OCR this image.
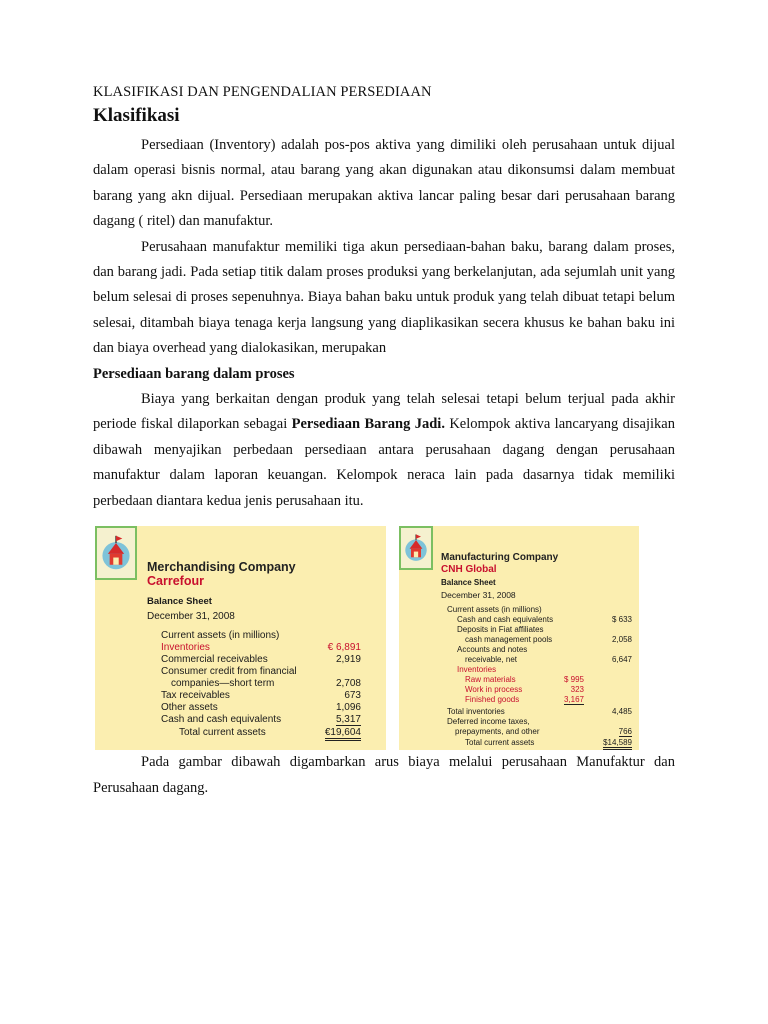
KLASIFIKASI DAN PENGENDALIAN PERSEDIAAN
Klasifikasi

Persediaan (Inventory) adalah pos-pos aktiva yang dimiliki oleh perusahaan untuk dijual dalam operasi bisnis normal, atau barang yang akan digunakan atau dikonsumsi dalam membuat barang yang akn dijual. Persediaan merupakan aktiva lancar paling besar dari perusahaan barang dagang ( ritel) dan manufaktur.

Perusahaan manufaktur memiliki tiga akun persediaan-bahan baku, barang dalam proses, dan barang jadi. Pada setiap titik dalam proses produksi yang berkelanjutan, ada sejumlah unit yang belum selesai di proses sepenuhnya. Biaya bahan baku untuk produk yang telah dibuat tetapi belum selesai, ditambah biaya tenaga kerja langsung yang diaplikasikan secera khusus ke bahan baku ini dan biaya overhead yang dialokasikan, merupakan

Persediaan barang dalam proses

Biaya yang berkaitan dengan produk yang telah selesai tetapi belum terjual pada akhir periode fiskal dilaporkan sebagai Persediaan Barang Jadi. Kelompok aktiva lancaryang disajikan dibawah menyajikan perbedaan persediaan antara perusahaan dagang dengan perusahaan manufaktur dalam laporan keuangan. Kelompok neraca lain pada dasarnya tidak memiliki perbedaan diantara kedua jenis perusahaan itu.

Merchandising Company
Carrefour
Balance Sheet
December 31, 2008
Current assets (in millions)
Inventories	€ 6,891
Commercial receivables	2,919
Consumer credit from financial
companies—short term	2,708
Tax receivables	673
Other assets	1,096
Cash and cash equivalents	5,317
Total current assets	€19,604
Manufacturing Company
CNH Global
Balance Sheet
December 31, 2008
Current assets (in millions)
Cash and cash equivalents	$ 633
Deposits in Fiat affiliates
cash management pools	2,058
Accounts and notes
receivable, net	6,647
Inventories
Raw materials	$ 995
Work in process	323
Finished goods	3,167
Total inventories	4,485
Deferred income taxes,
prepayments, and other	766
Total current assets	$14,589

Pada gambar dibawah digambarkan arus biaya melalui perusahaan Manufaktur dan Perusahaan dagang.
